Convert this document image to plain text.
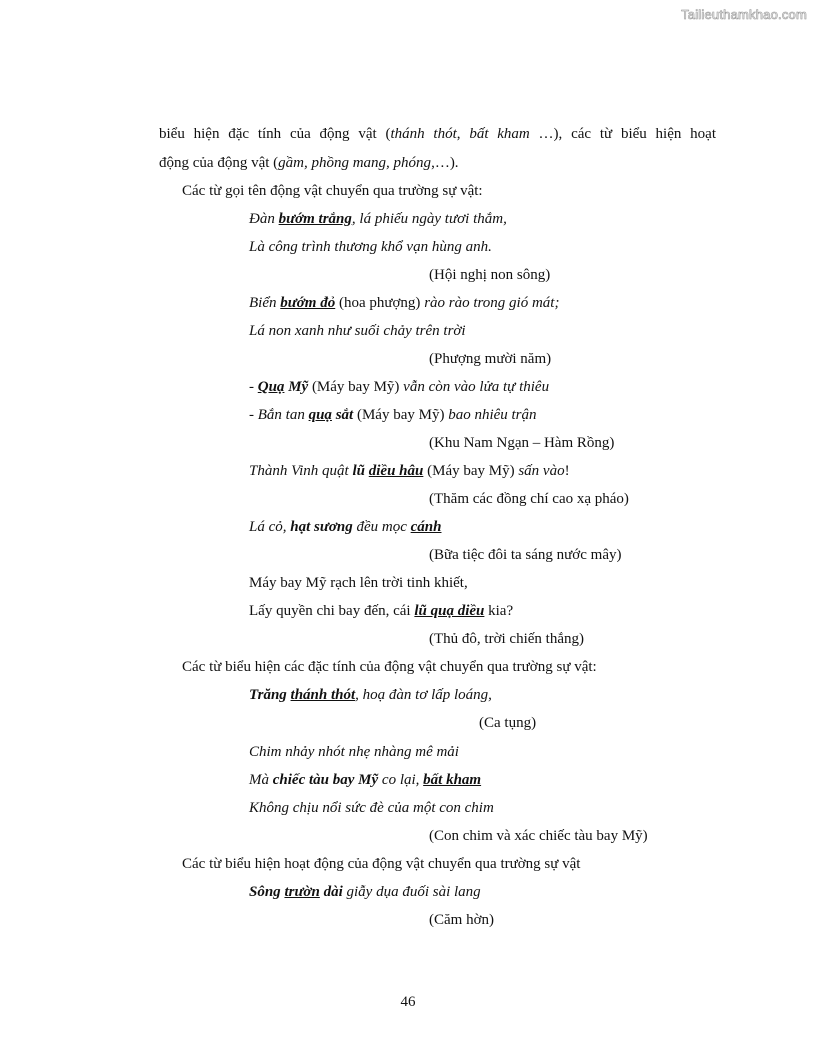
Tailieuthamkhao.com
biểu hiện đặc tính của động vật (thánh thót, bất kham …), các từ biểu hiện hoạt
động của động vật (gầm, phồng mang, phóng,…).
Các từ gọi tên động vật chuyển qua trường sự vật:
Đàn bướm trắng, lá phiếu ngày tươi thắm,
Là công trình thương khổ vạn hùng anh.
(Hội nghị non sông)
Biển bướm đỏ (hoa phượng) rào rào trong gió mát;
Lá non xanh như suối chảy trên trời
(Phượng mười năm)
- Quạ Mỹ (Máy bay Mỹ) vẫn còn vào lửa tự thiêu
- Bắn tan quạ sắt (Máy bay Mỹ) bao nhiêu trận
(Khu Nam Ngạn – Hàm Rồng)
Thành Vinh quật lũ diều hâu (Máy bay Mỹ) sấn vào!
(Thăm các đồng chí cao xạ pháo)
Lá cỏ, hạt sương đều mọc cánh
(Bữa tiệc đôi ta sáng nước mây)
Máy bay Mỹ rạch lên trời tinh khiết,
Lấy quyền chi bay đến, cái lũ quạ diều kia?
(Thủ đô, trời chiến thắng)
Các từ biểu hiện các đặc tính của động vật chuyển qua trường sự vật:
Trăng thánh thót, hoạ đàn tơ lấp loáng,
(Ca tụng)
Chim nhảy nhót nhẹ nhàng mê mải
Mà chiếc tàu bay Mỹ co lại, bất kham
Không chịu nổi sức đè của một con chim
(Con chim và xác chiếc tàu bay Mỹ)
Các từ biểu hiện hoạt động của động vật chuyển qua trường sự vật
Sông trườn dài giẫy dụa đuối sài lang
(Căm hờn)
46
